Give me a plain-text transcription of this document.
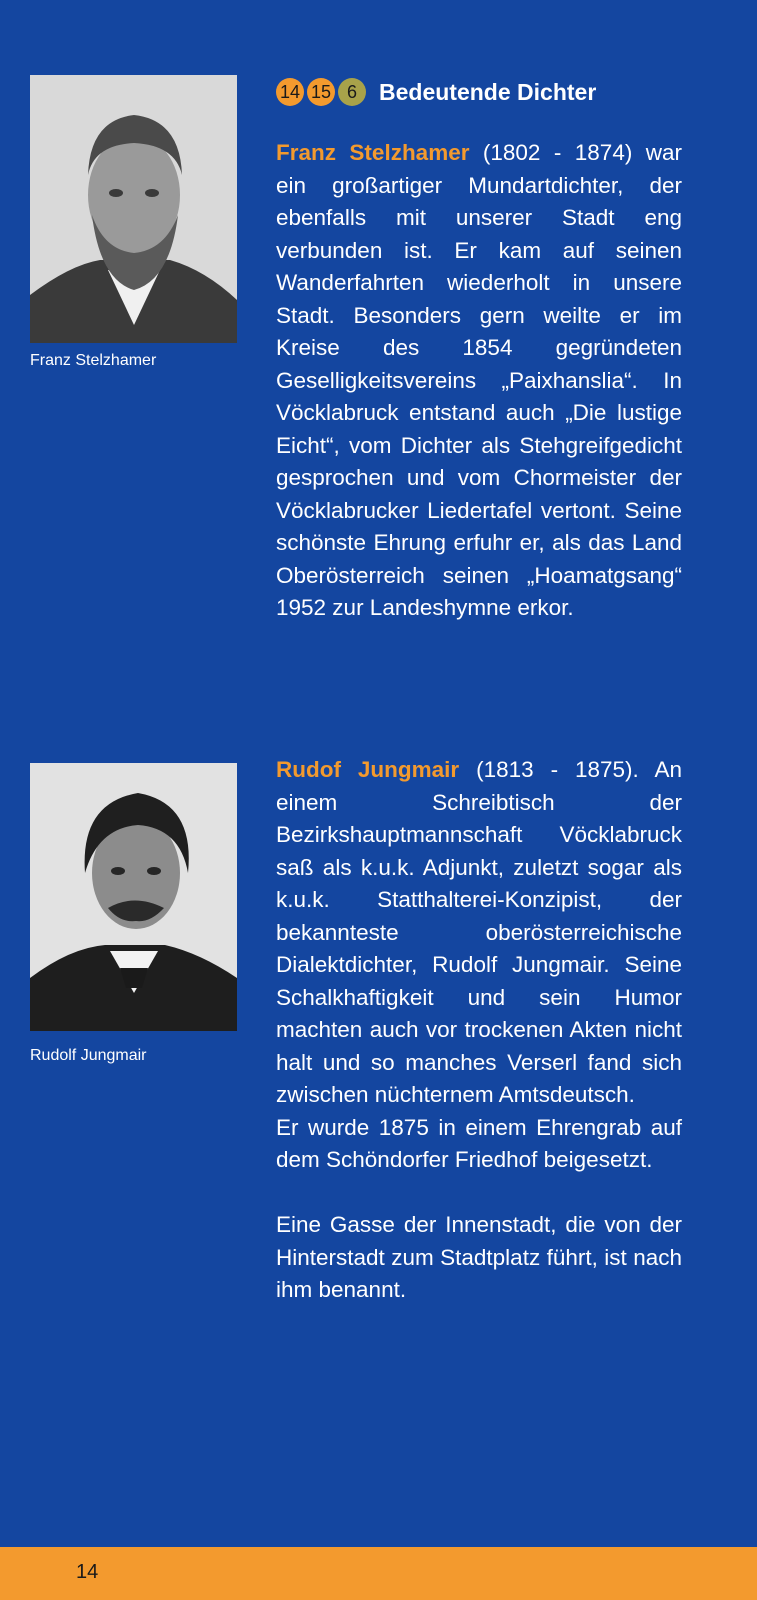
Franz Stelzhamer
14 15 6 Bedeutende Dichter

Franz Stelzhamer (1802 - 1874) war ein großartiger Mundartdichter, der ebenfalls mit unserer Stadt eng verbunden ist. Er kam auf seinen Wanderfahrten wiederholt in unsere Stadt. Besonders gern weilte er im Kreise des 1854 gegründeten Geselligkeitsvereins „Paixhanslia“. In Vöcklabruck entstand auch „Die lustige Eicht“, vom Dichter als Stehgreifgedicht gesprochen und vom Chormeister der Vöcklabrucker Liedertafel vertont. Seine schönste Ehrung erfuhr er, als das Land Oberösterreich seinen „Hoamatgsang“ 1952 zur Landeshymne erkor.

Rudolf Jungmair

Rudof Jungmair (1813 - 1875). An einem Schreibtisch der Bezirkshauptmannschaft Vöcklabruck saß als k.u.k. Adjunkt, zuletzt sogar als k.u.k. Statthalterei-Konzipist, der bekannteste oberösterreichische Dialektdichter, Rudolf Jungmair. Seine Schalkhaftigkeit und sein Humor machten auch vor trockenen Akten nicht halt und so manches Verserl fand sich zwischen nüchternem Amtsdeutsch.

Er wurde 1875 in einem Ehrengrab auf dem Schöndorfer Friedhof beigesetzt.

Eine Gasse der Innenstadt, die von der Hinterstadt zum Stadtplatz führt, ist nach ihm benannt.

14
